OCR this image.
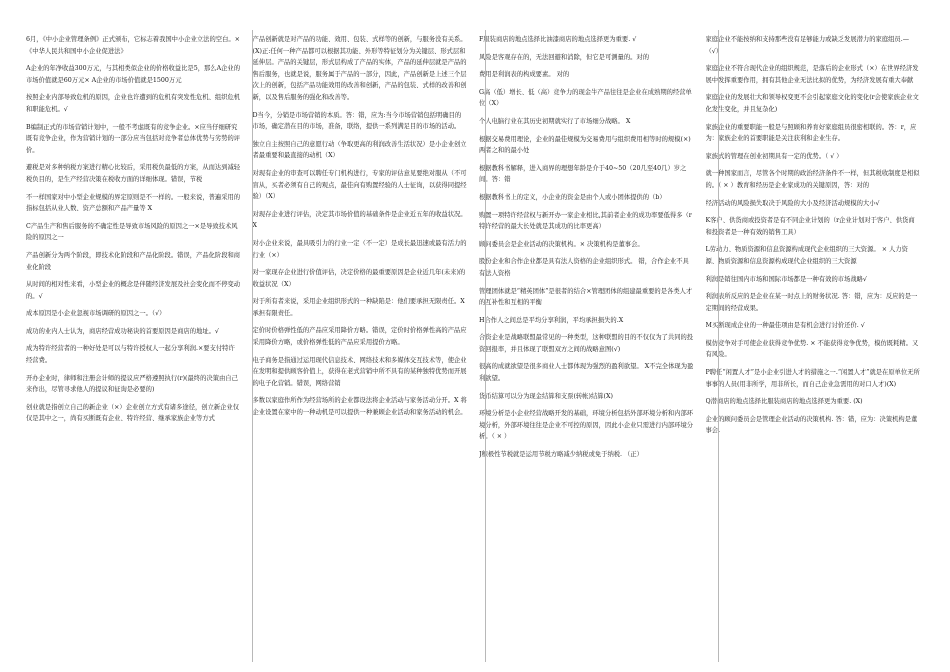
6月，《中小企业管理条例》正式颁布，它标志着我国中小企业立法的空白。× 《中华人民共和国中小企业促进法》

A企业的年净收益300万元，与其相类似企业的价格收益比是5，那么A企业的市场价值就是60万元× A企业的市场价值就是1500万元

按照企业内部导致危机的原因，企业也许遭到的危机有突发性危机、组织危机和职能危机。√

B编制正式的市场营销计划中，一般不考虑既有的竞争企业。×应当仔细研究既有竞争企业，作为营销计划的一部分应当包括对竞争者总体优势与劣势的评价。

避税是对多种纳税方案进行精心比较后，采用税负最低的方案，从而达到减轻税负目的，是生产经营决策在税收方面的详细体现。错误，节税

不一样国家对中小型企业规模的界定原则是不一样的。一般来说，普遍采用的指标包括从业人数、资产总额和产品产量等 X

C产品生产和售后服务的不确定性是导致市场风险的原因之一×是导致技术风险的原因之一

产品创新分为两个阶段，即技术化阶段和产品化阶段。错误，产品化阶段和商业化阶段

从时间的相对性来看，小型企业的概念是伴随经济发展及社会变化而不停变动的。√

成本原因是小企业忽视市场调研的原因之一。（√）

成功的业内人士认为，商店经营成功秘诀的首要原因是商店的地址。√

成为特许经营者的一种好处是可以与特许授权人一起分享利润.×要支付特许经营费。

开办企业时，律师和注册会计师的提议应严格遵照执行(r)(最终的决策由自己来作出，尽管寻求他人的提议和征询是必要的)

创业就是指创立自己的新企业（×）企业创立方式有诸多途径，创立新企业仅仅是其中之一，尚有买断既有企业、特许经营、继承家族企业等方式

产品创新就是对产品的功能、效用、包装、式样等的创新，与服务没有关系。(X)正:任何一种产品都可以根据其功能、外形等特征划分为关键层、形式层和延伸层。产品的关键层，形式层构成了产品的实体，产品的延伸层就是产品的售后服务，也就是说，服务属于产品的一部分，因此，产品创新是上述三个层次上的创新，包括产品功能效用的改善和创新，产品的包装、式样的改善和创新，以及售后服务的强化和改善等。

D当今，分销是市场营销的本质。答：错，应为:当今市场营销包括明确目的市场，确定潜在目的市场，准备，联络，提供一系列满足目的市场的活动。

独立自主按照自己的意愿行动（争取更高的利润改善生活状况）是小企业创立者最重要和最直接的动机（X）

对现有企业的审查可以聘任专门机构进行，专家的评估意见要绝对服从（不可盲从，买者必须有自己的观点，最佳向有购置经验的人士征询，以获得同提经验）（X）

对现存企业进行评估，决定其市场价值的基础条件是企业近五年的收益状况。X

对小企业来说，最具吸引力的行业一定（不一定）是成长最迅速或最有活力的行业（×）

对一家现存企业进行价值评估，决定价格的最重要原因是企业近几年(未来)的收益状况（X）

对于所有者来说，采用企业组织形式的一种缺陷是：他们要承担无限责任。X承担有限责任。

定价时价格弹性低的产品应采用降价方略。错误，定价时价格弹性高的产品应采用降价方略，或价格弹性低的产品应采用提价方略。

电子商务是指通过运用现代信息技术、网络技术和多媒体交互技术等，使企业在发明和提供顾客价值上，获得在老式营销中所不具有的某种独特优势而开展的电子化营销。错误，网络营销

多数以家庭作所作为经营场所的企业都设法将企业活动与家务活动分开。X 将企业设置在家中的一种动机是可以提供一种兼顾企业活动和家务活动的机会。

F服装商店的地点选择比油漆商店的地点选择更为重要. √

风险是客观存在的，无法回避和消除，但它是可测量的。对的

费用是利润表的构成要素。 对的

G高（低）增长、低（高）竞争力的现金牛产品往往是企业在成熟期的经营单位（X）

个人电脑行业在其历史初期就实行了市场细分战略。 X

根据交易费用理论，企业的最佳规模为交易费用与组织费用相等时的规模(×)两者之和的最小处

根据教科书解释，进入商界的理想年龄是介于40~50（20几至40几）岁之间。答：错

根据教科书上的定义，小企业的资金是由个人或小团体提供的（b）

购置一项特许经营权与新开办一家企业相比,其前者企业的成功率要低得多（r特许经营的最大长处就是其成功的比率更高）

顾问委员会是企业活动的决策机构。× 决策机构是董事会。

股份企业和合作企业都是具有法人资格的企业组织形式。 错，合作企业不具有法人资格

管理团体就是“精英团体”是很者的结合×管理团体的组建最重要的是各类人才的互补性和互相的平衡

H合作人之间总是平均分享利润，平均承担损失的.X

合资企业是战略联盟最常见的一种类型，这种联盟的目的不仅仅为了共同的投资回报率，并且体现了联盟双方之间的战略意图(√)

很高的成就欲望是很多商业人士都体现为强烈的盈利欲望。 X不完全体现为盈利欲望。

货币结算可以分为现金结算和支票(转帐)结算(X)

环境分析是小企业经营战略开发的基础，环境分析包括外部环境分析和内部环境分析，外部环境往往是企业不可控的原因，因此小企业只需进行内部环境分析。（ × ）

J积极性节税就是运用节税方略减少纳税或免于纳税. （正）

家庭企业不能按纳和支持那些没有足够能力或缺乏发展潜力的家庭组员.—（√）

家庭企业不符合现代企业的组织规范，是落后的企业形式（×）在世界经济发展中发挥重要作用，拥有其他企业无法比拟的优势，为经济发展有重大奉献

家庭企业的发展壮大和领导权变更不会引起家庭文化的变化(r会使家族企业文化发生变化，并且复杂化)

家族企业的重要职能一般是与照顾和养育好家庭组员很密相联的。答：r，应为：家族企业的首要职能是关注获利和企业生存。

家族式的管理在创业初期具有一定的优势。（ √ ）

就一种国家而言，尽管各个时期的政治经济条件不一样，但其税收制度是相似的。（ × ）教育和经历是企业家成功的关键原因，答：对的

经济活动的风险损失取决于风险的大小及经济活动规模的大小√

K客户、供货商或投资者是有不同企业计划的（r企业计划对于客户、供货商和投资者是一种有效的销售工具）

L劳动力、物质资源和信息资源构成现代企业组织的三大资源。 × 人力资源、物质资源和信息资源构成现代企业组织的三大资源

利润是销往国内市场和国际市场都是一种有效的市场战略√

利润表所反应的是企业在某一时点上的财务状况. 答：错，应为：反应的是一定期间的经营成果。

M买断现成企业的一种最佳项由是有机会进行讨价还价. √

模仿竞争对手可使企业获得竞争优势. × 不能获得竞争优势，模仿既耗精。又有风险。

P聘任“闲置人才”是小企业引进人才的措施之一.“闲置人才”就是在原单位无所事事的人员(用非所学，用非所长，而自己企业急需用的对口人才)(X)

Q潜商店的地点选择比服装商店的地点选择更为重要. (X)

企业的顾问委员会是管理企业活动的决策机构. 答：错，应为：决策机构是董事会.
